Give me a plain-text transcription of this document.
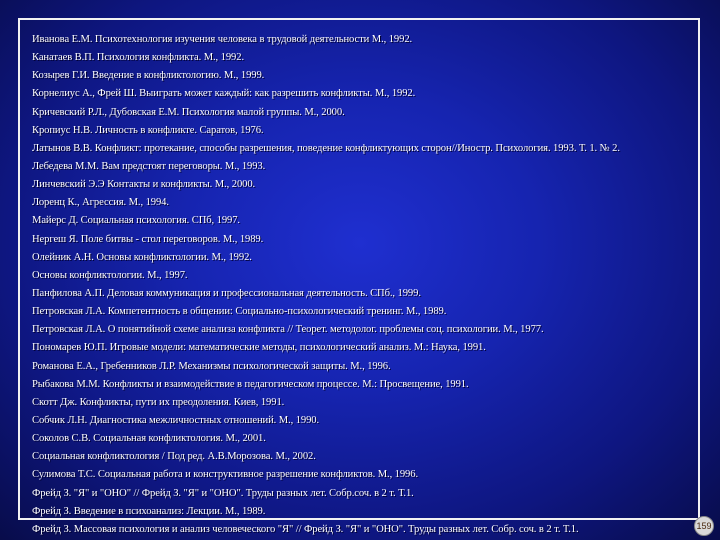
Иванова Е.М. Психотехнология изучения человека в трудовой деятельности М., 1992.
Канатаев В.П. Психология конфликта. М., 1992.
Козырев Г.И. Введение в конфликтологию. М., 1999.
Корнелиус А., Фрей Ш. Выиграть может каждый: как разрешить конфликты. М., 1992.
Кричевский Р.Л., Дубовская Е.М. Психология малой группы. М., 2000.
Кропиус Н.В. Личность в конфликте. Саратов, 1976.
Латынов В.В. Конфликт: протекание, способы разрешения, поведение конфликтующих сторон//Иностр. Психология. 1993. Т. 1. № 2.
Лебедева М.М. Вам предстоят переговоры. М., 1993.
Линчевский Э.Э Контакты и конфликты. М., 2000.
Лоренц К., Агрессия. М., 1994.
Майерс Д. Социальная психология. СПб, 1997.
Нергеш Я. Поле битвы - стол переговоров. М., 1989.
Олейник А.Н. Основы конфликтологии. М., 1992.
Основы конфликтологии. М., 1997.
Панфилова А.П. Деловая коммуникация и профессиональная деятельность. СПб., 1999.
Петровская Л.А. Компетентность в общении: Социально-психологический тренинг. М., 1989.
Петровская Л.А. О понятийной схеме анализа конфликта // Теорет. методолог. проблемы соц. психологии. М., 1977.
Пономарев Ю.П. Игровые модели: математические методы, психологический анализ. М.: Наука, 1991.
Романова Е.А., Гребенников Л.Р. Механизмы психологической защиты. М., 1996.
Рыбакова М.М. Конфликты и взаимодействие в педагогическом процессе. М.: Просвещение, 1991.
Скотт Дж. Конфликты, пути их преодоления. Киев, 1991.
Собчик Л.Н. Диагностика межличностных отношений. М., 1990.
Соколов С.В. Социальная конфликтология. М., 2001.
Социальная конфликтология / Под ред. А.В.Морозова. М., 2002.
Сулимова Т.С. Социальная работа и конструктивное разрешение конфликтов. М., 1996.
Фрейд З. "Я" и "ОНО" // Фрейд З. "Я" и "ОНО". Труды разных лет. Собр.соч. в 2 т. Т.1.
Фрейд З. Введение в психоанализ: Лекции. М., 1989.
Фрейд З. Массовая психология и анализ человеческого "Я" // Фрейд З. "Я" и "ОНО". Труды разных лет. Собр. соч. в 2 т. Т.1.	159
